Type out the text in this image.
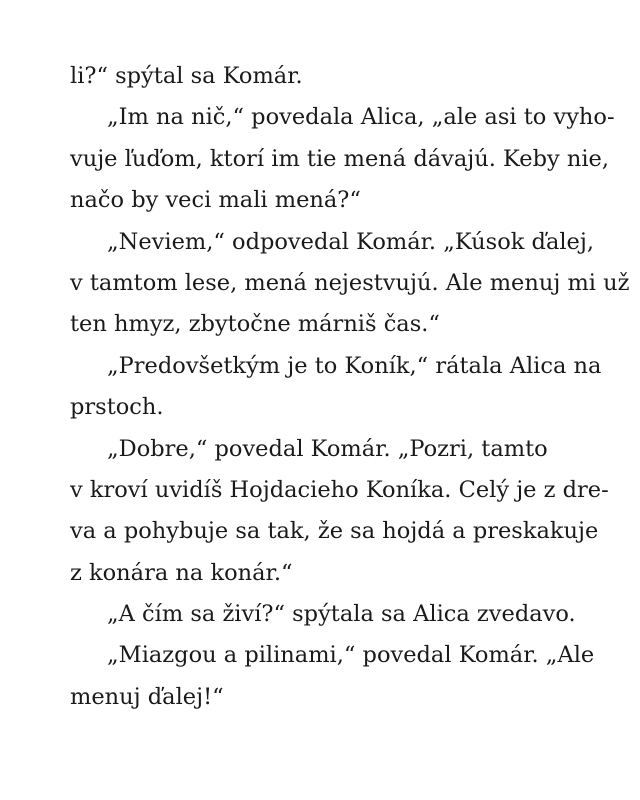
li?“ spýtal sa Komár.
„Im na nič,“ povedala Alica, „ale asi to vyho-
vuje ľuďom, ktorí im tie mená dávajú. Keby nie,
načo by veci mali mená?“
„Neviem,“ odpovedal Komár. „Kúsok ďalej,
v tamtom lese, mená nejestvujú. Ale menuj mi už
ten hmyz, zbytočne márniš čas.“
„Predovšetkým je to Koník,“ rátala Alica na
prstoch.
„Dobre,“ povedal Komár. „Pozri, tamto
v kroví uvidíš Hojdacieho Koníka. Celý je z dre-
va a pohybuje sa tak, že sa hojdá a preskakuje
z konára na konár.“
„A čím sa živí?“ spýtala sa Alica zvedavo.
„Miazgou a pilinami,“ povedal Komár. „Ale
menuj ďalej!“
